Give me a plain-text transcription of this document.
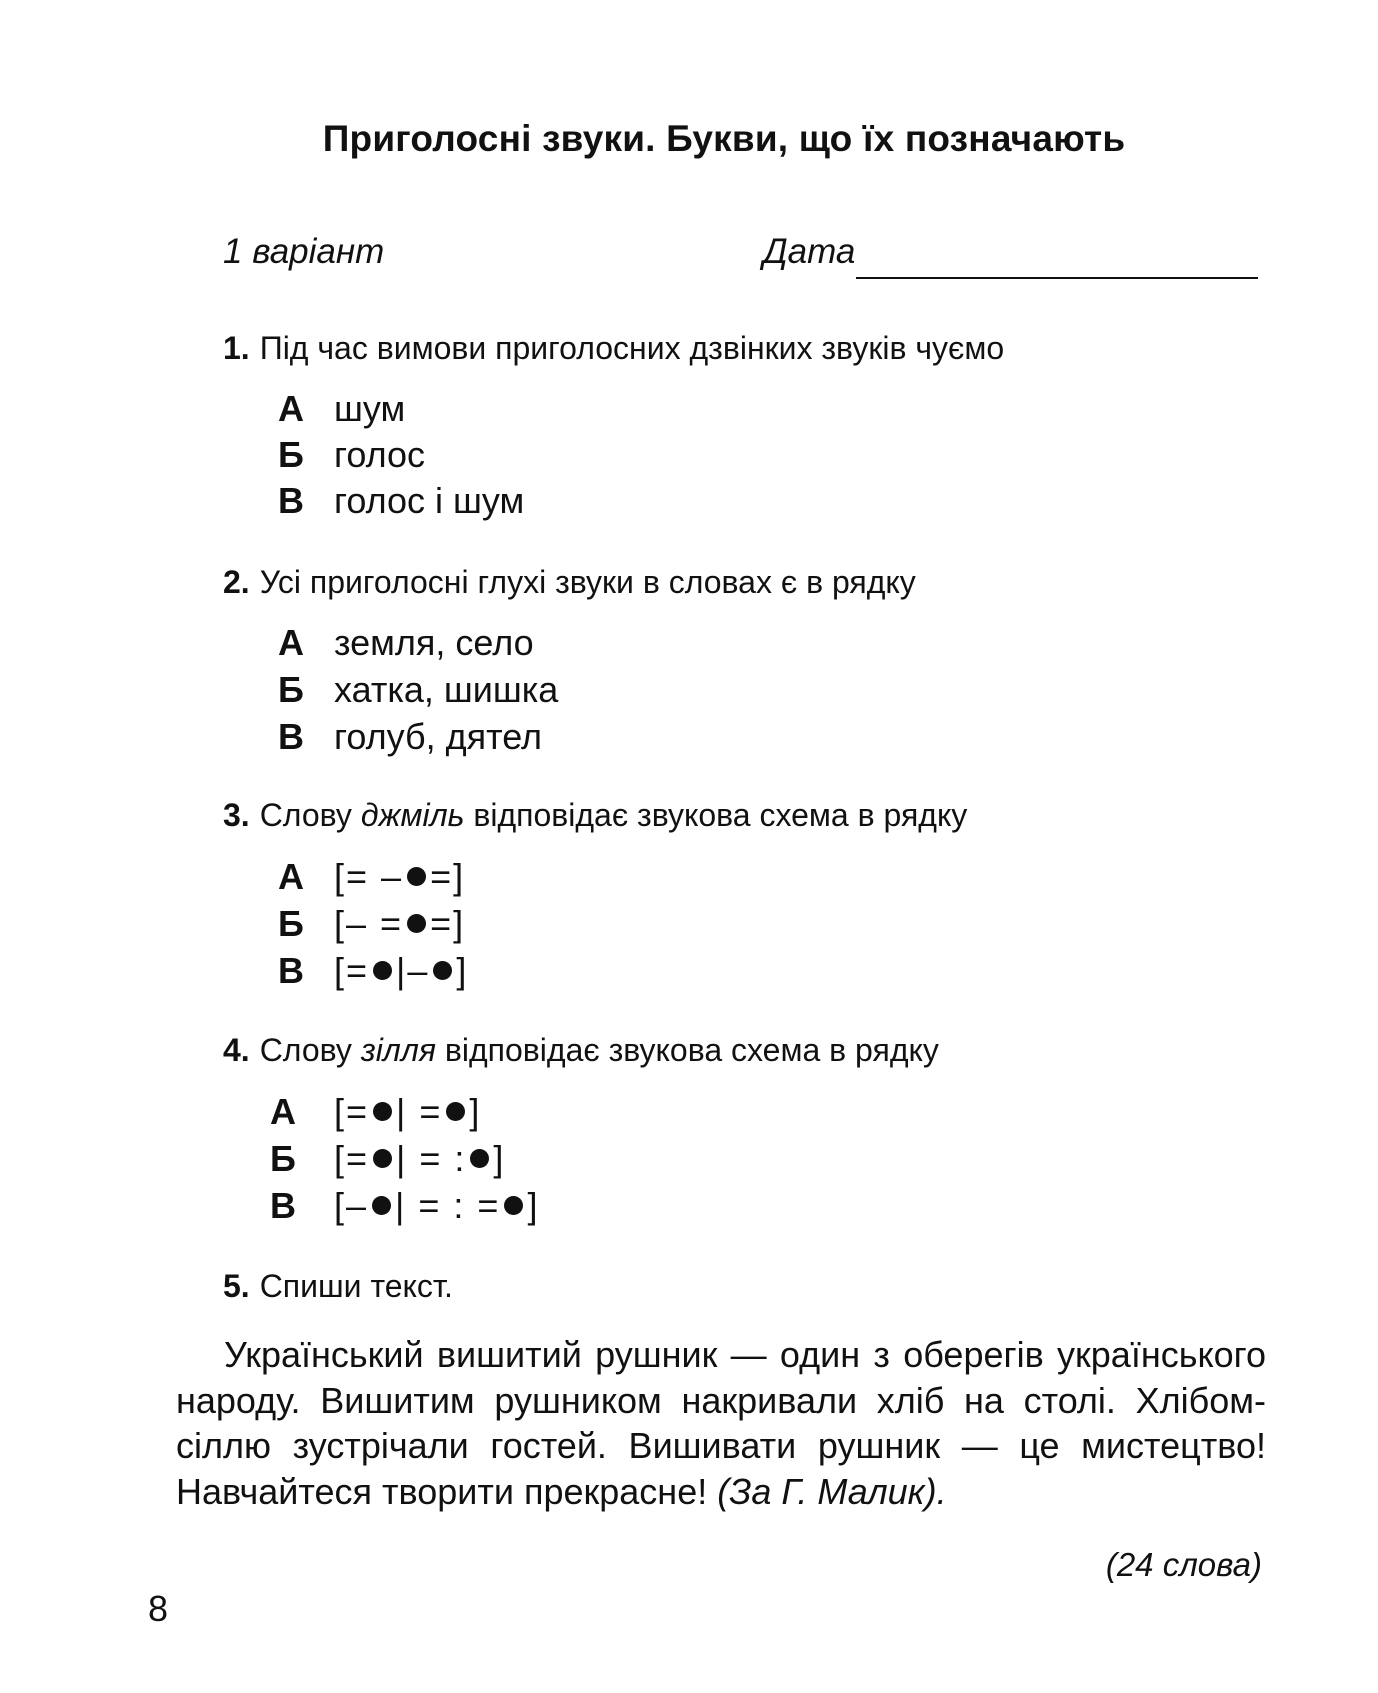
Приголосні звуки. Букви, що їх позначають
1 варіант	Дата
1. Під час вимови приголосних дзвінких звуків чуємо
А шум
Б голос
В голос і шум
2. Усі приголосні глухі звуки в словах є в рядку
А земля, село
Б хатка, шишка
В голуб, дятел
3. Слову джміль відповідає звукова схема в рядку
А [= – =]
Б [– = =]
В [= |– ]
4. Слову зілля відповідає звукова схема в рядку
А [= | = ]
Б [= | = : ]
В [– | = : = ]
5. Спиши текст.
Український вишитий рушник — один з оберегів українського народу. Вишитим рушником накривали хліб на столі. Хлібом-сіллю зустрічали гостей. Вишивати рушник — це мистецтво! Навчайтеся творити прекрасне! (За Г. Малик).
(24 слова)
8
